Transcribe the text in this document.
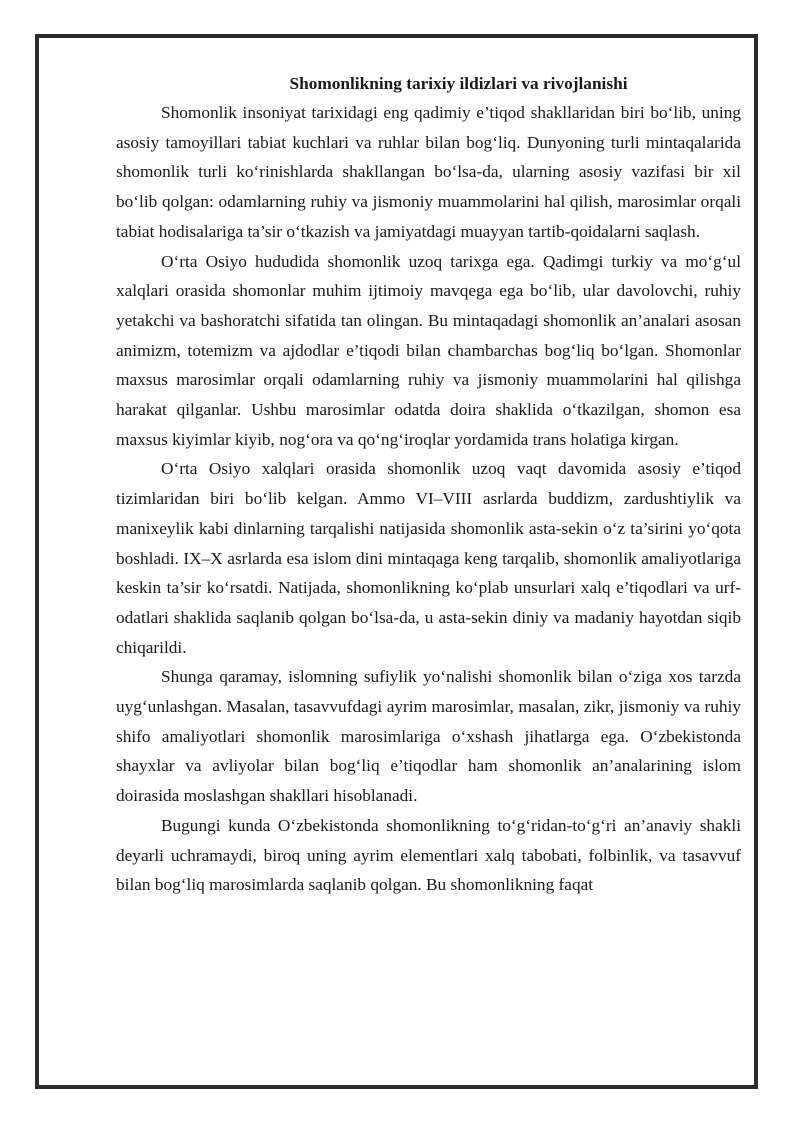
Shomonlikning tarixiy ildizlari va rivojlanishi

Shomonlik insoniyat tarixidagi eng qadimiy e’tiqod shakllaridan biri bo‘lib, uning asosiy tamoyillari tabiat kuchlari va ruhlar bilan bog‘liq. Dunyoning turli mintaqalarida shomonlik turli ko‘rinishlarda shakllangan bo‘lsa-da, ularning asosiy vazifasi bir xil bo‘lib qolgan: odamlarning ruhiy va jismoniy muammolarini hal qilish, marosimlar orqali tabiat hodisalariga ta’sir o‘tkazish va jamiyatdagi muayyan tartib-qoidalarni saqlash.

O‘rta Osiyo hududida shomonlik uzoq tarixga ega. Qadimgi turkiy va mo‘g‘ul xalqlari orasida shomonlar muhim ijtimoiy mavqega ega bo‘lib, ular davolovchi, ruhiy yetakchi va bashoratchi sifatida tan olingan. Bu mintaqadagi shomonlik an’analari asosan animizm, totemizm va ajdodlar e’tiqodi bilan chambarchas bog‘liq bo‘lgan. Shomonlar maxsus marosimlar orqali odamlarning ruhiy va jismoniy muammolarini hal qilishga harakat qilganlar. Ushbu marosimlar odatda doira shaklida o‘tkazilgan, shomon esa maxsus kiyimlar kiyib, nog‘ora va qo‘ng‘iroqlar yordamida trans holatiga kirgan.

O‘rta Osiyo xalqlari orasida shomonlik uzoq vaqt davomida asosiy e’tiqod tizimlaridan biri bo‘lib kelgan. Ammo VI–VIII asrlarda buddizm, zardushtiylik va manixeylik kabi dinlarning tarqalishi natijasida shomonlik asta-sekin o‘z ta’sirini yo‘qota boshladi. IX–X asrlarda esa islom dini mintaqaga keng tarqalib, shomonlik amaliyotlariga keskin ta’sir ko‘rsatdi. Natijada, shomonlikning ko‘plab unsurlari xalq e’tiqodlari va urf-odatlari shaklida saqlanib qolgan bo‘lsa-da, u asta-sekin diniy va madaniy hayotdan siqib chiqarildi.

Shunga qaramay, islomning sufiylik yo‘nalishi shomonlik bilan o‘ziga xos tarzda uyg‘unlashgan. Masalan, tasavvufdagi ayrim marosimlar, masalan, zikr, jismoniy va ruhiy shifo amaliyotlari shomonlik marosimlariga o‘xshash jihatlarga ega. O‘zbekistonda shayxlar va avliyolar bilan bog‘liq e’tiqodlar ham shomonlik an’analarining islom doirasida moslashgan shakllari hisoblanadi.

Bugungi kunda O‘zbekistonda shomonlikning to‘g‘ridan-to‘g‘ri an’anaviy shakli deyarli uchramaydi, biroq uning ayrim elementlari xalq tabobati, folbinlik, va tasavvuf bilan bog‘liq marosimlarda saqlanib qolgan. Bu shomonlikning faqat
